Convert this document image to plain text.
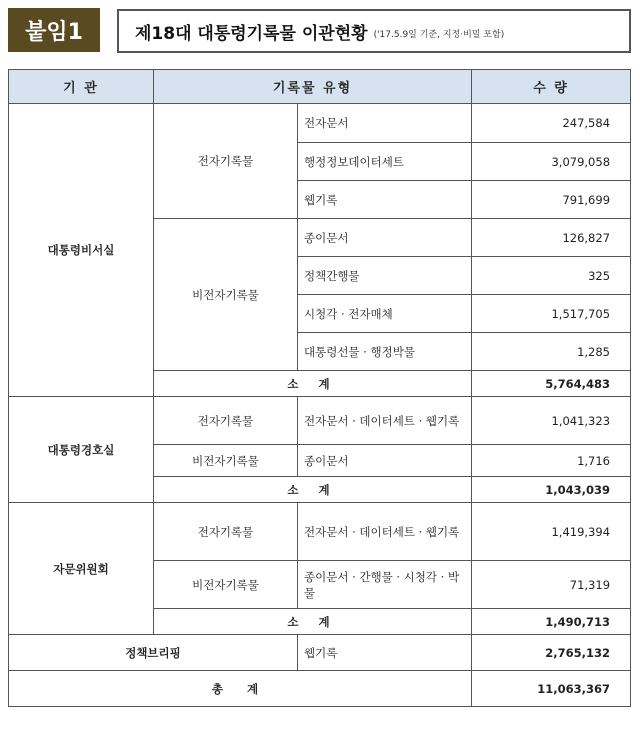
붙임1	제18대 대통령기록물 이관현황 ('17.5.9일 기준, 지정·비밀 포함)
기 관	기록물 유형		수 량
대통령비서실	전자기록물	전자문서	247,584
		행정정보데이터세트	3,079,058
		웹기록	791,699
	비전자기록물	종이문서	126,827
		정책간행물	325
		시청각 · 전자매체	1,517,705
		대통령선물 · 행정박물	1,285
	소 계		5,764,483
대통령경호실	전자기록물	전자문서 · 데이터세트 · 웹기록	1,041,323
	비전자기록물	종이문서	1,716
	소 계		1,043,039
자문위원회	전자기록물	전자문서 · 데이터세트 · 웹기록	1,419,394
	비전자기록물	종이문서 · 간행물 · 시청각 · 박물	71,319
	소 계		1,490,713
정책브리핑		웹기록	2,765,132
총 계			11,063,367
